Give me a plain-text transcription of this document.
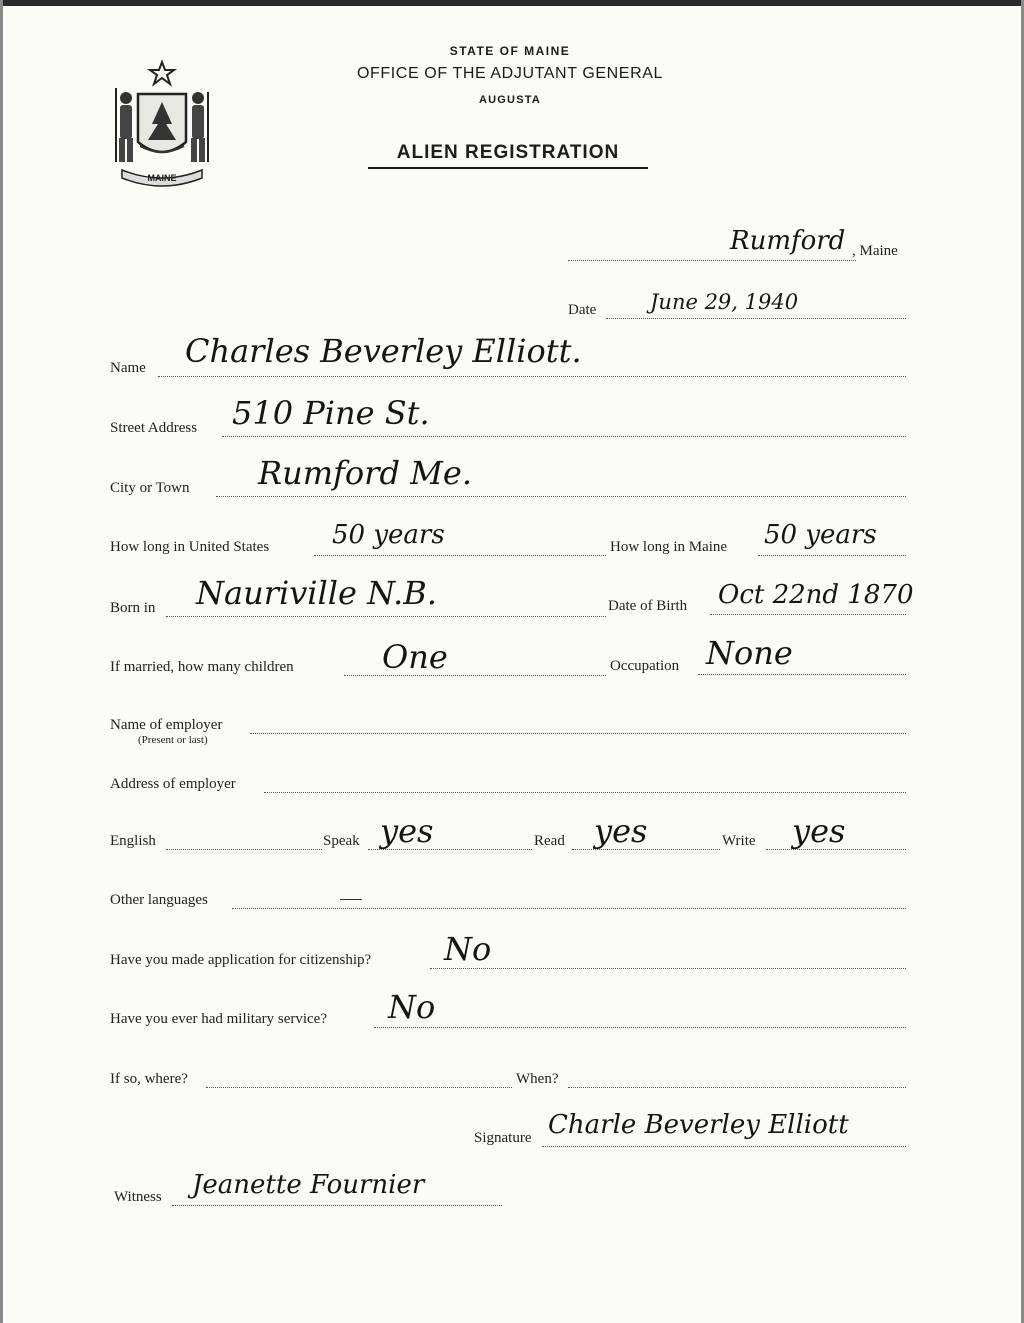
MAINE
STATE OF MAINE
OFFICE OF THE ADJUTANT GENERAL
AUGUSTA
ALIEN REGISTRATION
Rumford , Maine
Date	June 29, 1940
Name Charles Beverley Elliott.
Street Address 510 Pine St.
City or Town Rumford Me.
How long in United States 50 years	How long in Maine 50 years
Born in Nauriville N.B.	Date of Birth Oct 22nd 1870
If married, how many children	One	Occupation None
Name of employer
(Present or last)
Address of employer
English	Speak yes	Read yes	Write yes
Other languages
Have you made application for citizenship? No
Have you ever had military service? No
If so, where?	When?
Signature Charle Beverley Elliott
Witness Jeanette Fournier
